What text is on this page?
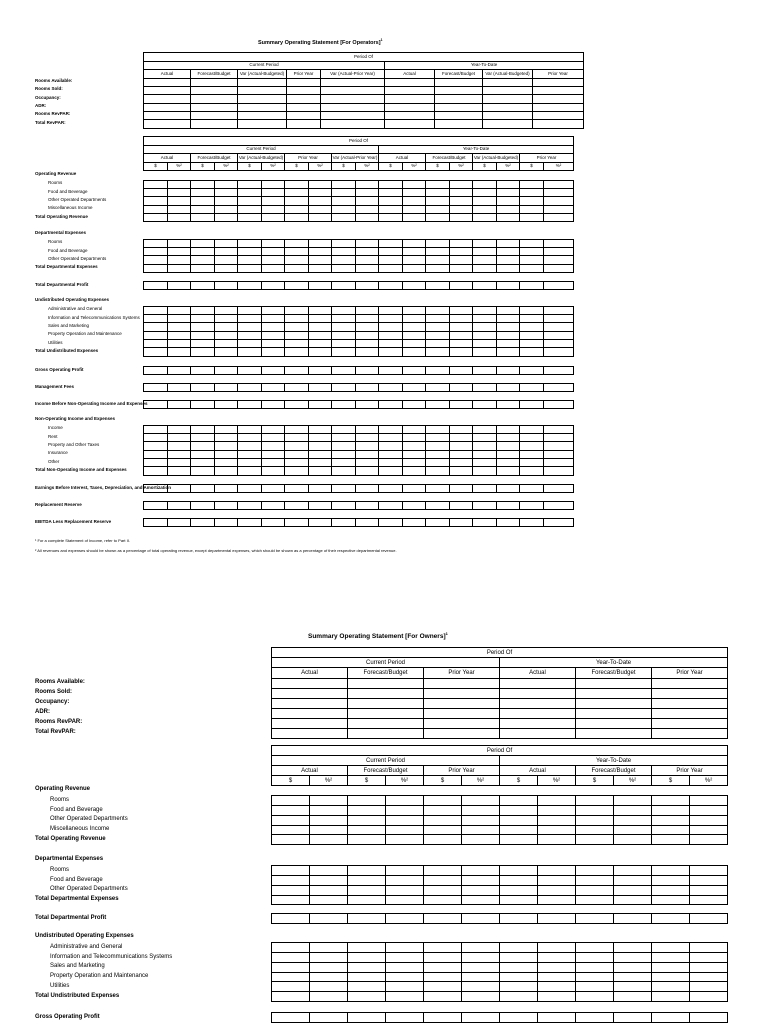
Summary Operating Statement [For Operators]$^1$
Summary Operating Statement [For Owners]$^1$
¹ For a complete Statement of Income, refer to Part II.
² All revenues and expenses should be shown as a percentage of total operating revenue, except departmental expenses, which should be shown as a percentage of their respective departmental revenue.
Period Of								
Current Period					Year-To-Date			
Actual	Forecast/Budget	Var (Actual-Budgeted)	Prior Year	Var (Actual-Prior Year)	Actual	Forecast/Budget	Var (Actual-Budgeted)	Prior Year

Rooms Available:
Rooms Sold:
Occupancy:
ADR:
Rooms RevPAR:
Total RevPAR:
Period Of																	
Current Period										Year-To-Date							
Actual		Forecast/Budget		Var (Actual-Budgeted)		Prior Year		Var (Actual-Prior Year)		Actual		Forecast/Budget		Var (Actual-Budgeted)		Prior Year	
$	%²	$	%²	$	%²	$	%²	$	%²	$	%²	$	%²	$	%²	$	%²
Operating Revenue
Rooms
Food and Beverage
Other Operated Departments
Miscellaneous Income
Total Operating Revenue

Departmental Expenses
Rooms
Food and Beverage
Other Operated Departments
Total Departmental Expenses

Total Departmental Profit

Undistributed Operating Expenses
Administrative and General
Information and Telecommunications Systems
Sales and Marketing
Property Operation and Maintenance
Utilities
Total Undistributed Expenses

Gross Operating Profit

Management Fees

Income Before Non-Operating Income and Expenses

Non-Operating Income and Expenses
Income
Rent
Property and Other Taxes
Insurance
Other
Total Non-Operating Income and Expenses

Earnings Before Interest, Taxes, Depreciation, and Amortization

Replacement Reserve

EBITDA Less Replacement Reserve

Period Of					
Current Period			Year-To-Date		
Actual	Forecast/Budget	Prior Year	Actual	Forecast/Budget	Prior Year

Rooms Available:
Rooms Sold:
Occupancy:
ADR:
Rooms RevPAR:
Total RevPAR:
Period Of											
Current Period						Year-To-Date					
Actual		Forecast/Budget		Prior Year		Actual		Forecast/Budget		Prior Year	
$	%²	$	%²	$	%²	$	%²	$	%²	$	%²
Operating Revenue
Rooms
Food and Beverage
Other Operated Departments
Miscellaneous Income
Total Operating Revenue

Departmental Expenses
Rooms
Food and Beverage
Other Operated Departments
Total Departmental Expenses

Total Departmental Profit

Undistributed Operating Expenses
Administrative and General
Information and Telecommunications Systems
Sales and Marketing
Property Operation and Maintenance
Utilities
Total Undistributed Expenses

Gross Operating Profit
